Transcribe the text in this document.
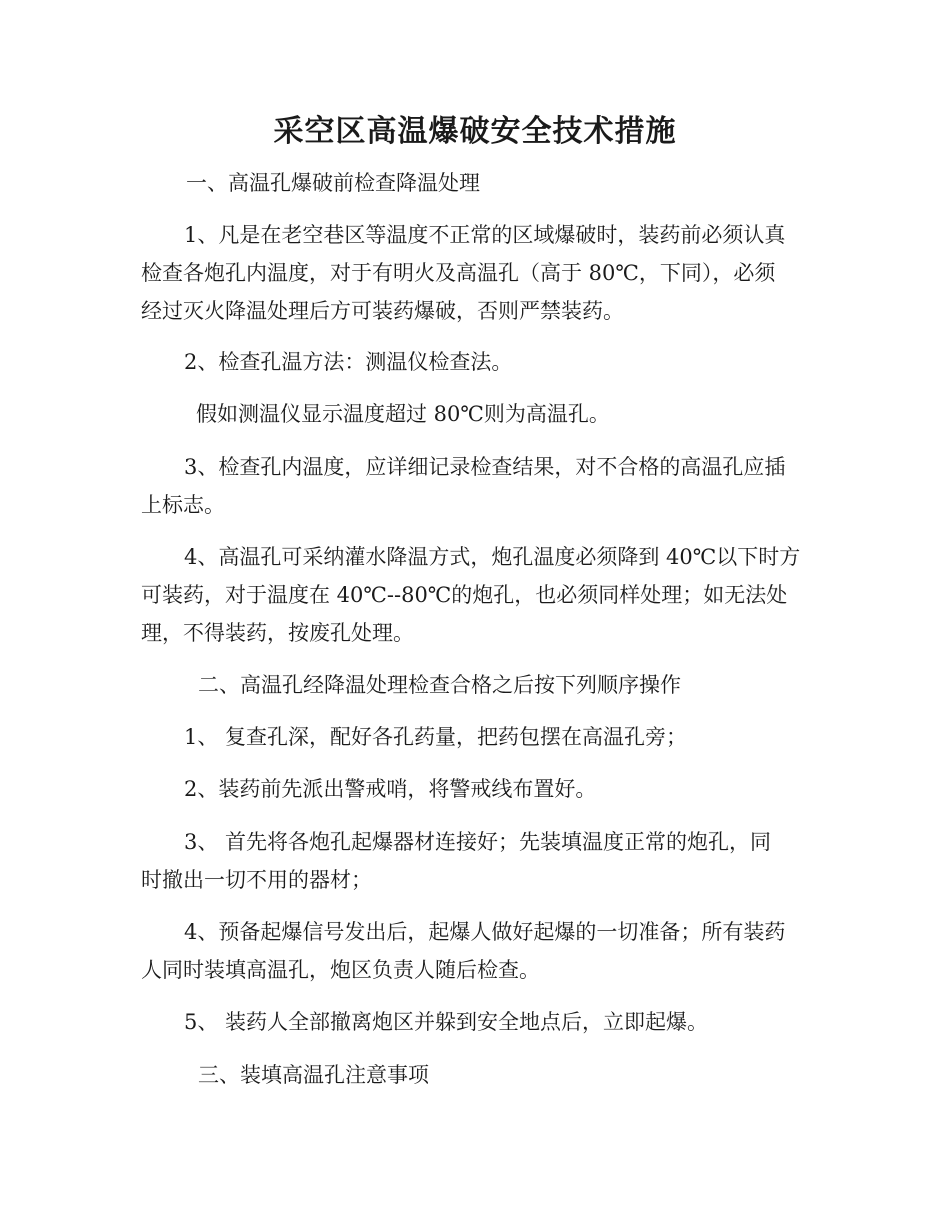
采空区高温爆破安全技术措施
一、高温孔爆破前检查降温处理
1、凡是在老空巷区等温度不正常的区域爆破时，装药前必须认真
检查各炮孔内温度，对于有明火及高温孔（高于 80℃，下同），必须
经过灭火降温处理后方可装药爆破，否则严禁装药。
2、检查孔温方法：测温仪检查法。
假如测温仪显示温度超过 80℃则为高温孔。
3、检查孔内温度，应详细记录检查结果，对不合格的高温孔应插
上标志。
4、高温孔可采纳灌水降温方式，炮孔温度必须降到 40℃以下时方
可装药，对于温度在 40℃--80℃的炮孔，也必须同样处理；如无法处
理，不得装药，按废孔处理。
二、高温孔经降温处理检查合格之后按下列顺序操作
1、 复查孔深，配好各孔药量，把药包摆在高温孔旁；
2、装药前先派出警戒哨，将警戒线布置好。
3、 首先将各炮孔起爆器材连接好；先装填温度正常的炮孔，同
时撤出一切不用的器材；
4、预备起爆信号发出后，起爆人做好起爆的一切准备；所有装药
人同时装填高温孔，炮区负责人随后检查。
5、 装药人全部撤离炮区并躲到安全地点后，立即起爆。
三、装填高温孔注意事项
